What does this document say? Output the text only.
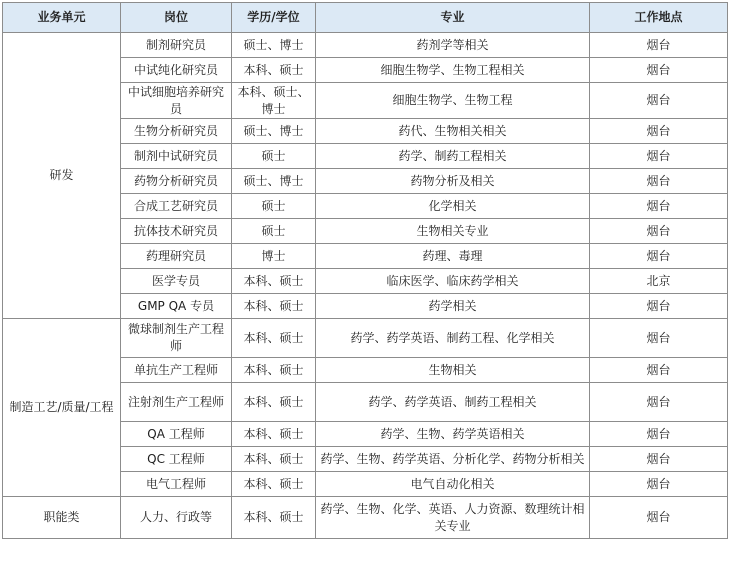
业务单元	岗位	学历/学位	专业	工作地点
研发	制剂研究员	硕士、博士	药剂学等相关	烟台
	中试纯化研究员	本科、硕士	细胞生物学、生物工程相关	烟台
	中试细胞培养研究员	本科、硕士、博士	细胞生物学、生物工程	烟台
	生物分析研究员	硕士、博士	药代、生物相关相关	烟台
	制剂中试研究员	硕士	药学、制药工程相关	烟台
	药物分析研究员	硕士、博士	药物分析及相关	烟台
	合成工艺研究员	硕士	化学相关	烟台
	抗体技术研究员	硕士	生物相关专业	烟台
	药理研究员	博士	药理、毒理	烟台
	医学专员	本科、硕士	临床医学、临床药学相关	北京
	GMP QA 专员	本科、硕士	药学相关	烟台
制造工艺/质量/工程	微球制剂生产工程师	本科、硕士	药学、药学英语、制药工程、化学相关	烟台
	单抗生产工程师	本科、硕士	生物相关	烟台
	注射剂生产工程师	本科、硕士	药学、药学英语、制药工程相关	烟台
	QA 工程师	本科、硕士	药学、生物、药学英语相关	烟台
	QC 工程师	本科、硕士	药学、生物、药学英语、分析化学、药物分析相关	烟台
	电气工程师	本科、硕士	电气自动化相关	烟台
职能类	人力、行政等	本科、硕士	药学、生物、化学、英语、人力资源、数理统计相关专业	烟台
